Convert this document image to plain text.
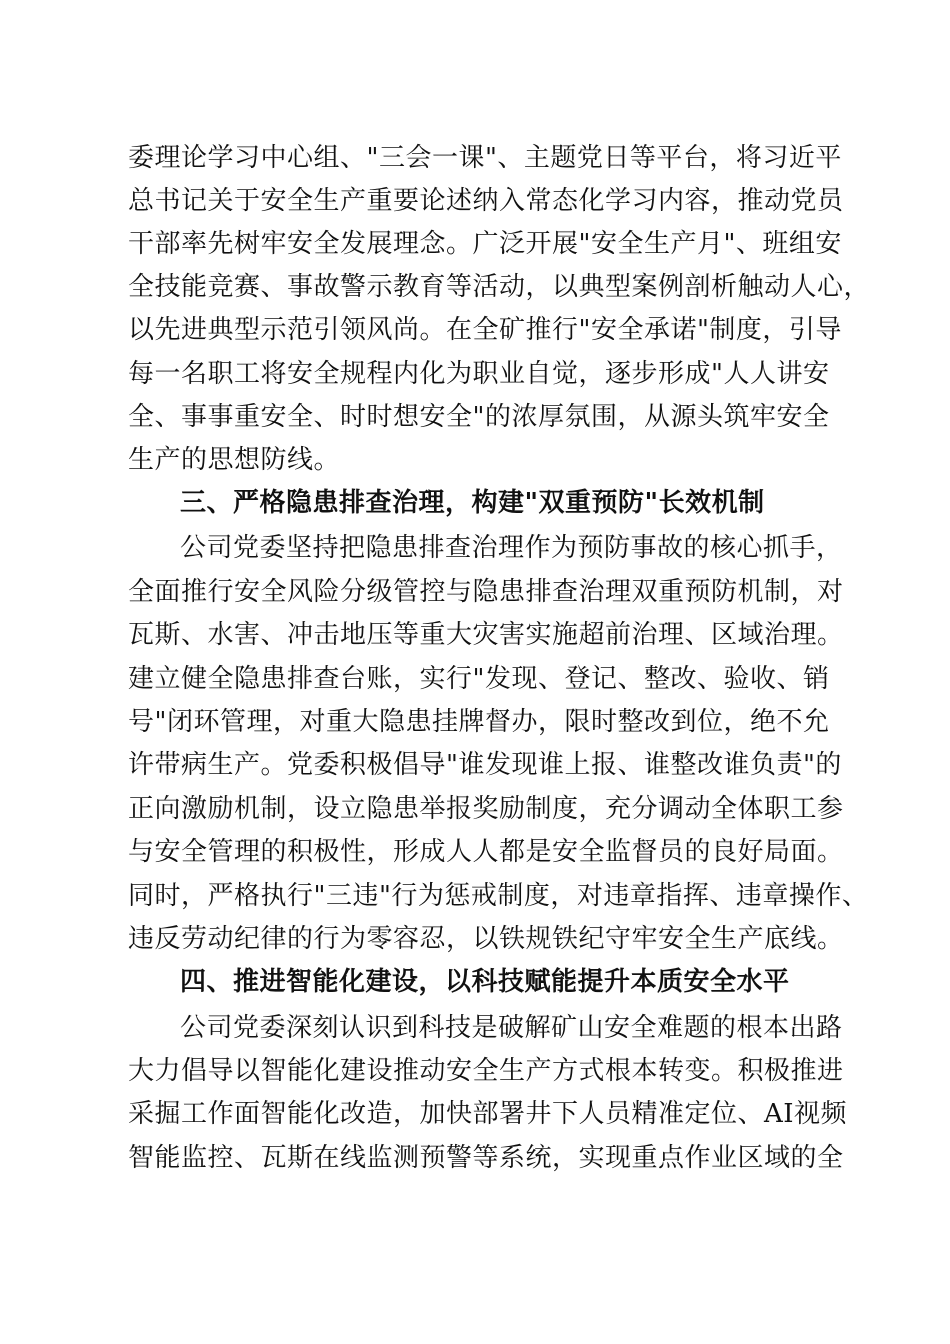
委理论学习中心组、"三会一课"、主题党日等平台，将习近平
总书记关于安全生产重要论述纳入常态化学习内容，推动党员
干部率先树牢安全发展理念。广泛开展"安全生产月"、班组安
全技能竞赛、事故警示教育等活动，以典型案例剖析触动人心，
以先进典型示范引领风尚。在全矿推行"安全承诺"制度，引导
每一名职工将安全规程内化为职业自觉，逐步形成"人人讲安
全、事事重安全、时时想安全"的浓厚氛围，从源头筑牢安全
生产的思想防线。
三、严格隐患排查治理，构建"双重预防"长效机制
公司党委坚持把隐患排查治理作为预防事故的核心抓手，
全面推行安全风险分级管控与隐患排查治理双重预防机制，对
瓦斯、水害、冲击地压等重大灾害实施超前治理、区域治理。
建立健全隐患排查台账，实行"发现、登记、整改、验收、销
号"闭环管理，对重大隐患挂牌督办，限时整改到位，绝不允
许带病生产。党委积极倡导"谁发现谁上报、谁整改谁负责"的
正向激励机制，设立隐患举报奖励制度，充分调动全体职工参
与安全管理的积极性，形成人人都是安全监督员的良好局面。
同时，严格执行"三违"行为惩戒制度，对违章指挥、违章操作、
违反劳动纪律的行为零容忍，以铁规铁纪守牢安全生产底线。
四、推进智能化建设，以科技赋能提升本质安全水平
公司党委深刻认识到科技是破解矿山安全难题的根本出路
大力倡导以智能化建设推动安全生产方式根本转变。积极推进
采掘工作面智能化改造，加快部署井下人员精准定位、AI视频
智能监控、瓦斯在线监测预警等系统，实现重点作业区域的全
